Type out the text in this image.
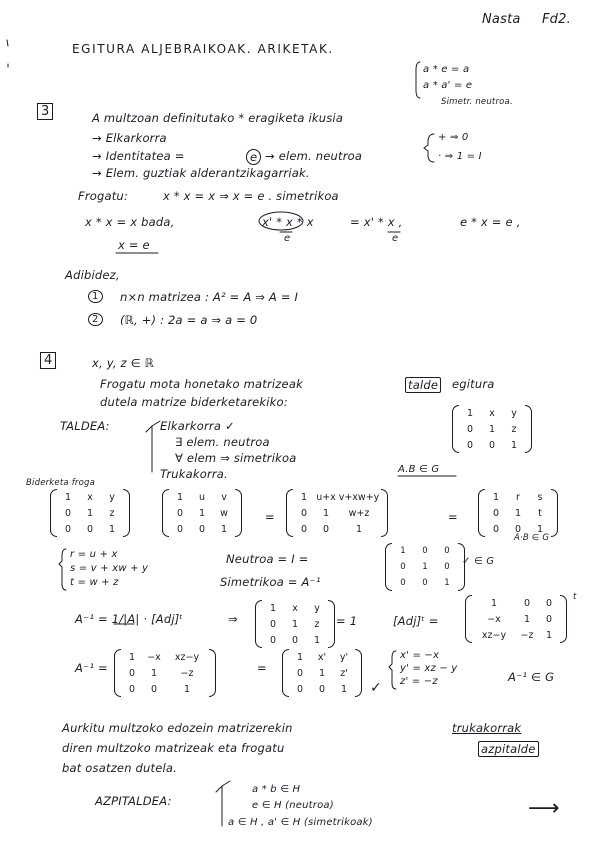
Nasta Fd2.
EGITURA ALJEBRAIKOAK. ARIKETAK.
a * e = a
a * a' = e
Simetr. neutroa.
3	A multzoan definitutako * eragiketa ikusia
→ Elkarkorra
→ Identitatea =	e → elem. neutroa
→ Elem. guztiak alderantzikagarriak.
+ ⇒ 0
· ⇒ 1 = I
Frogatu:	x * x = x ⇒ x = e . simetrikoa
x * x = x bada,	x' * x * x	= x' * x ,	e * x = e ,
e	e
x = e
Adibidez,
1	n×n matrizea : A² = A ⇒ A = I
2	(ℝ, +) : 2a = a ⇒ a = 0
4	x, y, z ∈ ℝ
Frogatu mota honetako matrizeak	talde egitura
dutela matrize biderketarekiko:
TALDEA:	Elkarkorra ✓
∃ elem. neutroa
∀ elem ⇒ simetrikoa
Trukakorra.
1	x	y
0	1	z
0	0	1
A.B ∈ G
Biderketa froga
1	x	y
0	1	z
0	0	1
1	u	v
0	1	w
0	0	1
=
1	u+x	v+xw+y
0	1	w+z
0	0	1
=
1	r	s
0	1	t
0	0	1
A·B ∈ G
r = u + x
s = v + xw + y
t = w + z
Neutroa = I =
1	0	0
0	1	0
0	0	1
✓ ∈ G
Simetrikoa = A⁻¹
A⁻¹ = 1/|A| · [Adj]ᵗ	⇒
1	x	y
0	1	z
0	0	1
= 1	[Adj]ᵗ =
1	0	0
−x	1	0
xz−y	−z	1
t
A⁻¹ =
1	−x	xz−y
0	1	−z
0	0	1
=
1	x'	y'
0	1	z'
0	0	1
x' = −x
y' = xz − y
z' = −z	A⁻¹ ∈ G
✓
Aurkitu multzoko edozein matrizerekin	trukakorrak
diren multzoko matrizeak eta frogatu	azpitalde
bat osatzen dutela.
AZPITALDEA:
a * b ∈ H
e ∈ H (neutroa)
a ∈ H , a' ∈ H (simetrikoak)
⟶
